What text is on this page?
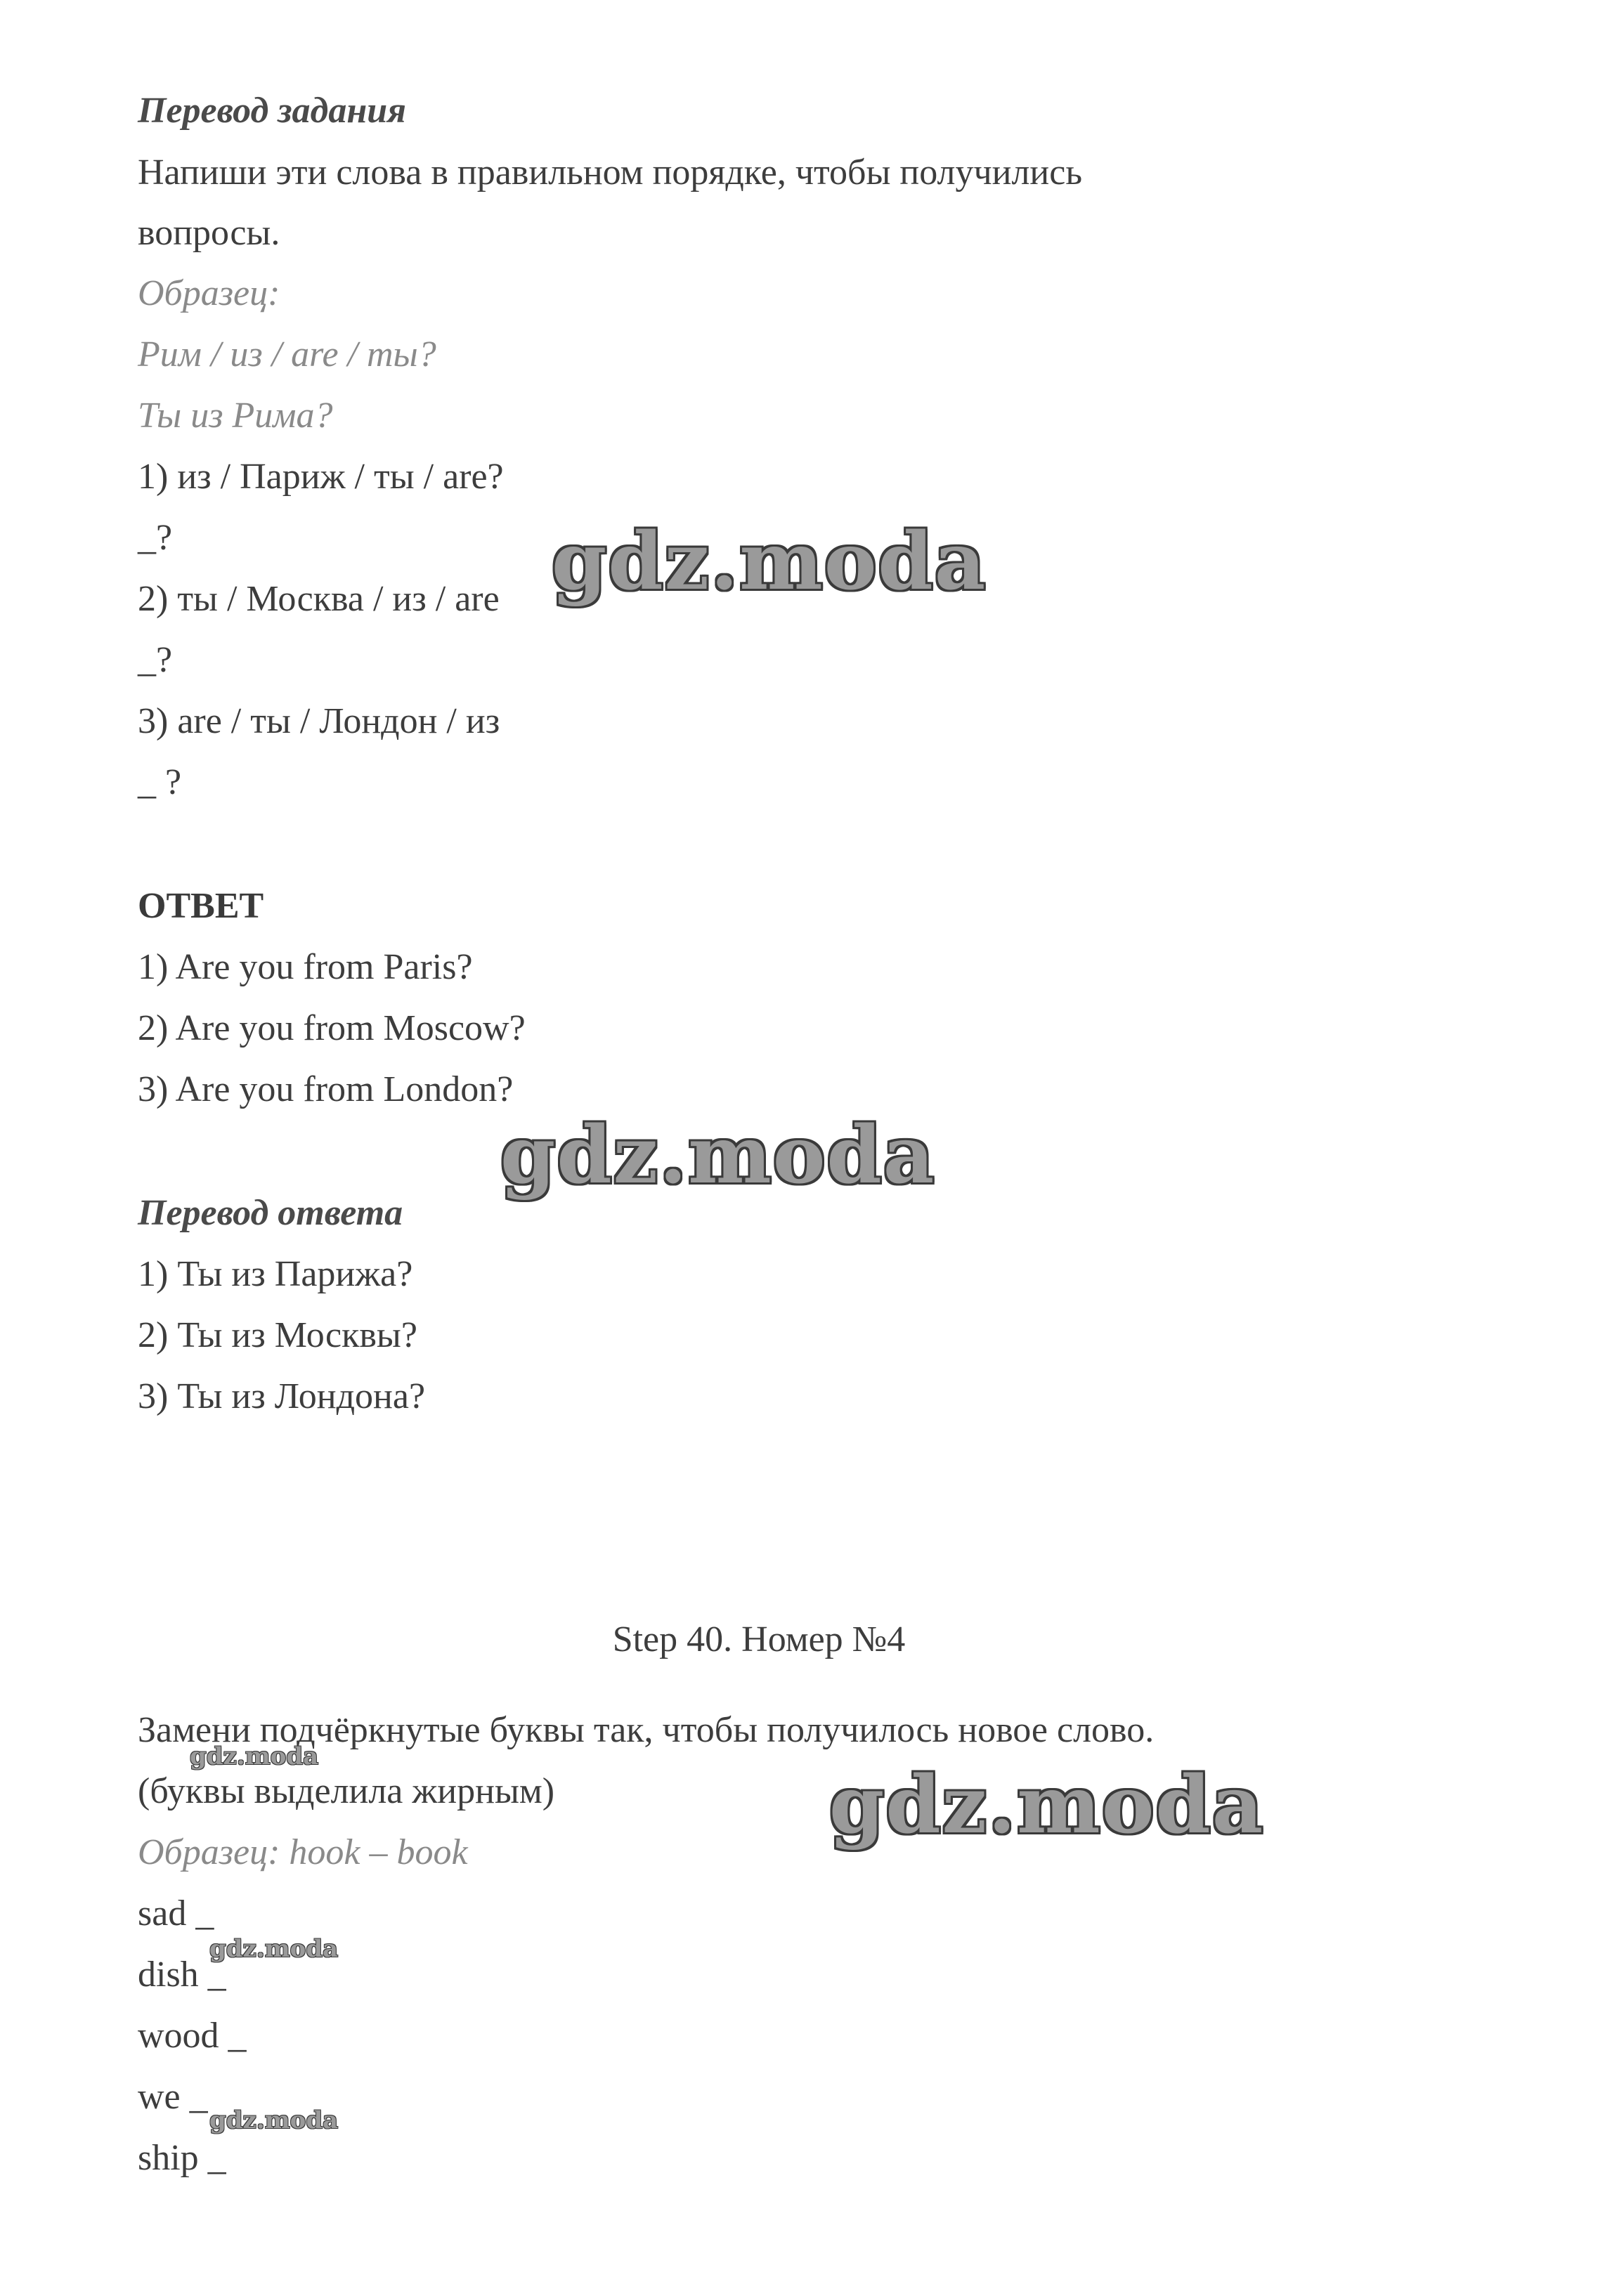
Перевод задания
Напиши эти слова в правильном порядке, чтобы получились
вопросы.
Образец:
Рим / из / are / ты?
Ты из Рима?
1) из / Париж / ты / are?
_?
2) ты / Москва / из / are
_?
3) are / ты / Лондон / из
_ ?
ОТВЕТ
1) Are you from Paris?
2) Are you from Moscow?
3) Are you from London?
Перевод ответа
1) Ты из Парижа?
2) Ты из Москвы?
3) Ты из Лондона?
Step 40. Номер №4
Замени подчёркнутые буквы так, чтобы получилось новое слово.
(буквы выделила жирным)
Образец: hook – book
sad _
dish _
wood _
we _
ship _
gdz.moda
gdz.moda
gdz.moda
gdz.moda
gdz.moda
gdz.moda
